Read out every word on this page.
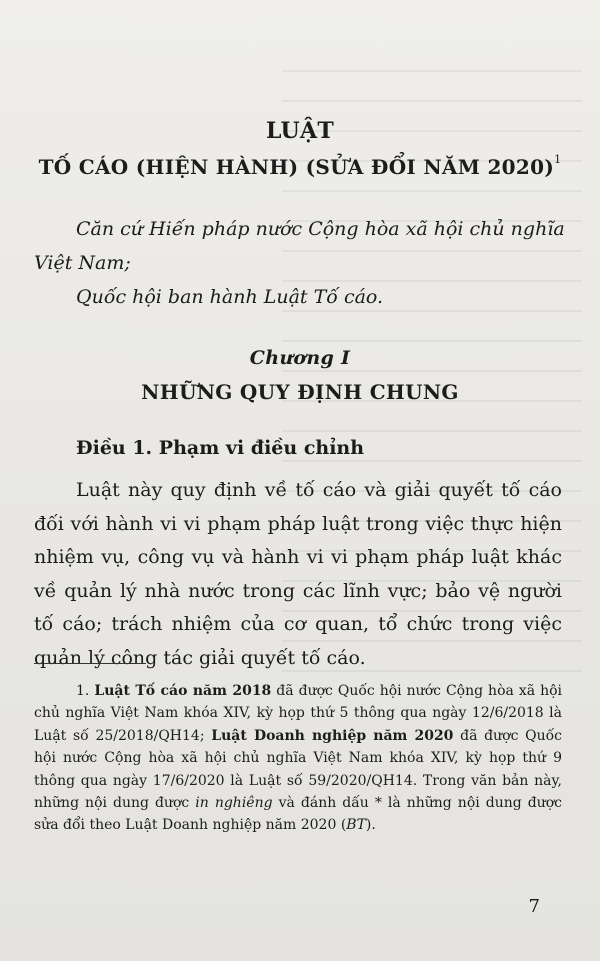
LUẬT
TỐ CÁO (HIỆN HÀNH) (SỬA ĐỔI NĂM 2020)$^1$
Căn cứ Hiến pháp nước Cộng hòa xã hội chủ nghĩa
Việt Nam;
Quốc hội ban hành Luật Tố cáo.
Chương I
NHỮNG QUY ĐỊNH CHUNG
Điều 1. Phạm vi điều chỉnh
Luật này quy định về tố cáo và giải quyết tố cáo đối với hành vi vi phạm pháp luật trong việc thực hiện nhiệm vụ, công vụ và hành vi vi phạm pháp luật khác về quản lý nhà nước trong các lĩnh vực; bảo vệ người tố cáo; trách nhiệm của cơ quan, tổ chức trong việc quản lý công tác giải quyết tố cáo.
1. Luật Tố cáo năm 2018 đã được Quốc hội nước Cộng hòa xã hội chủ nghĩa Việt Nam khóa XIV, kỳ họp thứ 5 thông qua ngày 12/6/2018 là Luật số 25/2018/QH14; Luật Doanh nghiệp năm 2020 đã được Quốc hội nước Cộng hòa xã hội chủ nghĩa Việt Nam khóa XIV, kỳ họp thứ 9 thông qua ngày 17/6/2020 là Luật số 59/2020/QH14. Trong văn bản này, những nội dung được in nghiêng và đánh dấu * là những nội dung được sửa đổi theo Luật Doanh nghiệp năm 2020 (BT).
7
